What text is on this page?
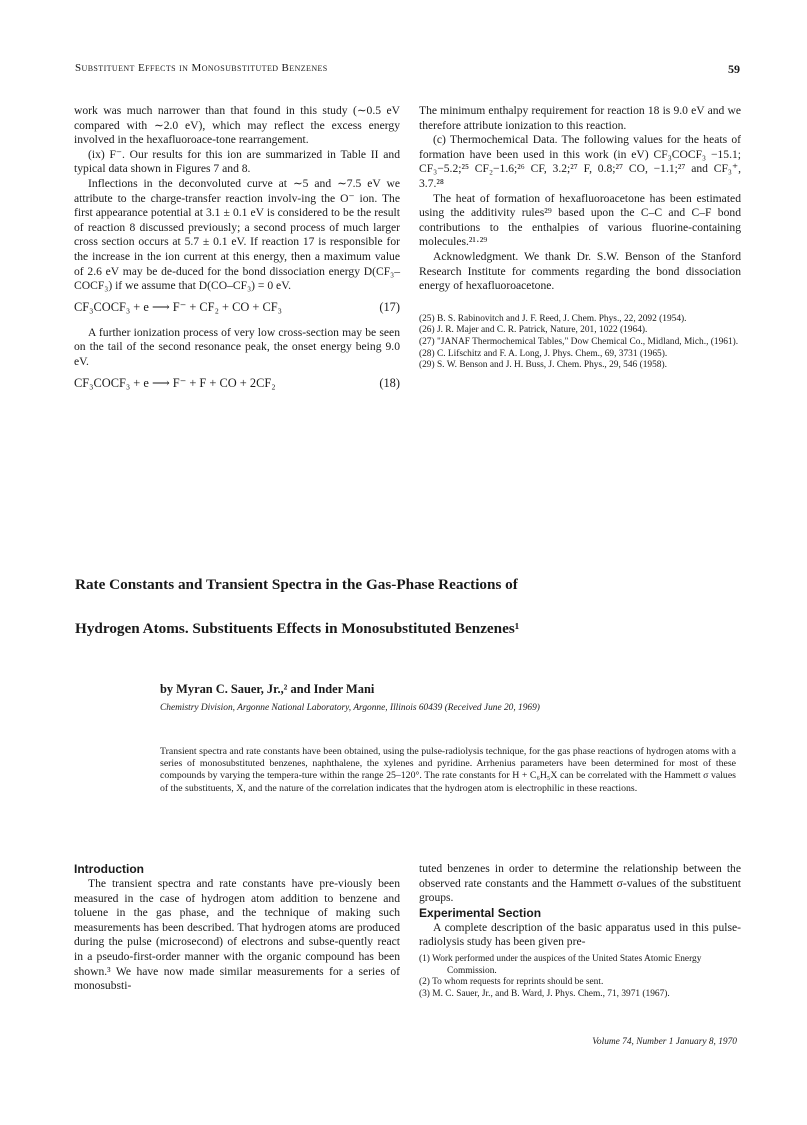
Substituent Effects in Monosubstituted Benzenes	59

work was much narrower than that found in this study (∼0.5 eV compared with ∼2.0 eV), which may reflect the excess energy involved in the hexafluoroace-tone rearrangement.

(ix) F⁻. Our results for this ion are summarized in Table II and typical data shown in Figures 7 and 8.

Inflections in the deconvoluted curve at ∼5 and ∼7.5 eV we attribute to the charge-transfer reaction involv-ing the O⁻ ion. The first appearance potential at 3.1 ± 0.1 eV is considered to be the result of reaction 8 discussed previously; a second process of much larger cross section occurs at 5.7 ± 0.1 eV. If reaction 17 is responsible for the increase in the ion current at this energy, then a maximum value of 2.6 eV may be de-duced for the bond dissociation energy D(CF₃–COCF₃) if we assume that D(CO–CF₃) = 0 eV.

CF₃COCF₃ + e ⟶ F⁻ + CF₂ + CO + CF₃	(17)

A further ionization process of very low cross-section may be seen on the tail of the second resonance peak, the onset energy being 9.0 eV.

CF₃COCF₃ + e ⟶ F⁻ + F + CO + 2CF₂	(18)

The minimum enthalpy requirement for reaction 18 is 9.0 eV and we therefore attribute ionization to this reaction.

(c) Thermochemical Data. The following values for the heats of formation have been used in this work (in eV) CF₃COCF₃ −15.1; CF₃−5.2;²⁵ CF₂−1.6;²⁶ CF, 3.2;²⁷ F, 0.8;²⁷ CO, −1.1;²⁷ and CF₃⁺, 3.7.²⁸

The heat of formation of hexafluoroacetone has been estimated using the additivity rules²⁹ based upon the C–C and C–F bond contributions to the enthalpies of various fluorine-containing molecules.²¹·²⁹

Acknowledgment. We thank Dr. S.W. Benson of the Stanford Research Institute for comments regarding the bond dissociation energy of hexafluoroacetone.

(25) B. S. Rabinovitch and J. F. Reed, J. Chem. Phys., 22, 2092 (1954).

(26) J. R. Majer and C. R. Patrick, Nature, 201, 1022 (1964).

(27) "JANAF Thermochemical Tables," Dow Chemical Co., Midland, Mich., (1961).

(28) C. Lifschitz and F. A. Long, J. Phys. Chem., 69, 3731 (1965).

(29) S. W. Benson and J. H. Buss, J. Chem. Phys., 29, 546 (1958).

Rate Constants and Transient Spectra in the Gas-Phase Reactions of
Hydrogen Atoms. Substituents Effects in Monosubstituted Benzenes¹
by Myran C. Sauer, Jr.,² and Inder Mani
Chemistry Division, Argonne National Laboratory, Argonne, Illinois 60439 (Received June 20, 1969)
Transient spectra and rate constants have been obtained, using the pulse-radiolysis technique, for the gas phase reactions of hydrogen atoms with a series of monosubstituted benzenes, naphthalene, the xylenes and pyridine. Arrhenius parameters have been determined for most of these compounds by varying the tempera-ture within the range 25–120°. The rate constants for H + C₆H₅X can be correlated with the Hammett σ values of the substituents, X, and the nature of the correlation indicates that the hydrogen atom is electrophilic in these reactions.

Introduction

The transient spectra and rate constants have pre-viously been measured in the case of hydrogen atom addition to benzene and toluene in the gas phase, and the technique of making such measurements has been described. That hydrogen atoms are produced during the pulse (microsecond) of electrons and subse-quently react in a pseudo-first-order manner with the organic compound has been shown.³ We have now made similar measurements for a series of monosubsti-

tuted benzenes in order to determine the relationship between the observed rate constants and the Hammett σ-values of the substituent groups.

Experimental Section

A complete description of the basic apparatus used in this pulse-radiolysis study has been given pre-

(1) Work performed under the auspices of the United States Atomic Energy Commission.

(2) To whom requests for reprints should be sent.

(3) M. C. Sauer, Jr., and B. Ward, J. Phys. Chem., 71, 3971 (1967).

Volume 74, Number 1 January 8, 1970
